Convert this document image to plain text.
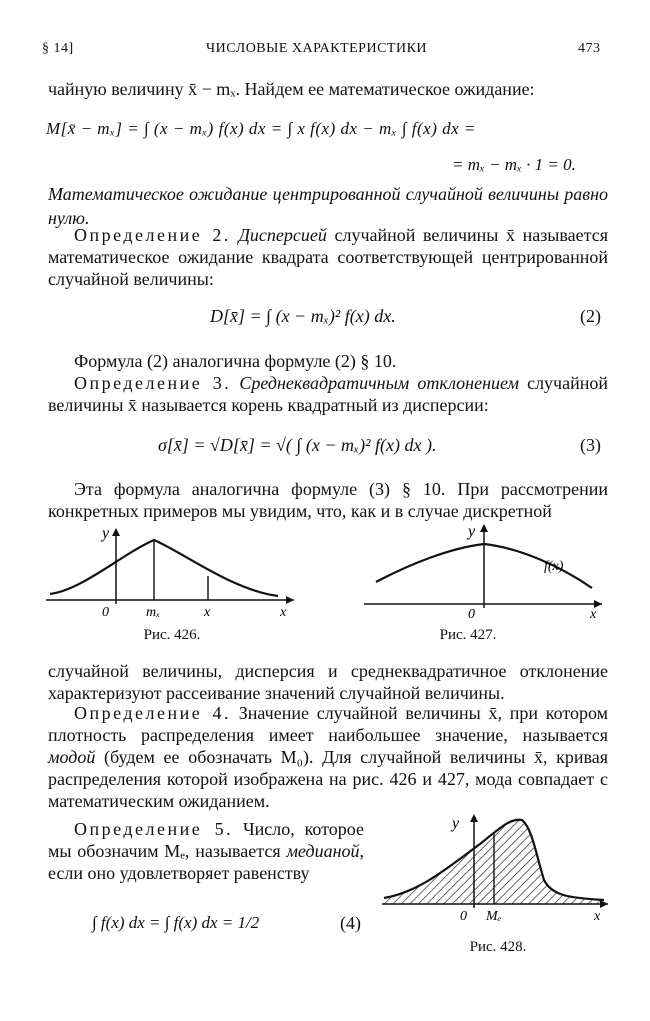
§ 14]	ЧИСЛОВЫЕ ХАРАКТЕРИСТИКИ	473
чайную величину x̄ − mₓ. Найдем ее математическое ожидание:
M[x̄ − mₓ] = ∫ (x − mₓ) f(x) dx = ∫ x f(x) dx − mₓ ∫ f(x) dx =
= mₓ − mₓ · 1 = 0.
Математическое ожидание центрированной случайной величины равно нулю.
Определение 2. Дисперсией случайной величины x̄ называется математическое ожидание квадрата соответствующей центрированной случайной величины:
D[x̄] = ∫ (x − mₓ)² f(x) dx.	(2)
Формула (2) аналогична формуле (2) § 10.
Определение 3. Среднеквадратичным отклонением случайной величины x̄ называется корень квадратный из дисперсии:
σ[x̄] = √D[x̄] = √( ∫ (x − mₓ)² f(x) dx ).	(3)
Эта формула аналогична формуле (3) § 10. При рассмотрении конкретных примеров мы увидим, что, как и в случае дискретной
y
0	mₓ	x	x
Рис. 426.
y
0
f(x)
x
Рис. 427.
случайной величины, дисперсия и среднеквадратичное отклонение характеризуют рассеивание значений случайной величины.
Определение 4. Значение случайной величины x̄, при котором плотность распределения имеет наибольшее значение, называется модой (будем ее обозначать M₀). Для случайной величины x̄, кривая распределения которой изображена на рис. 426 и 427, мода совпадает с математическим ожиданием.
Определение 5. Число, которое мы обозначим Mₑ, называется медианой, если оно удовлетворяет равенству
∫ f(x) dx = ∫ f(x) dx = 1/2	(4)
y
0 Mₑ	x
Рис. 428.
